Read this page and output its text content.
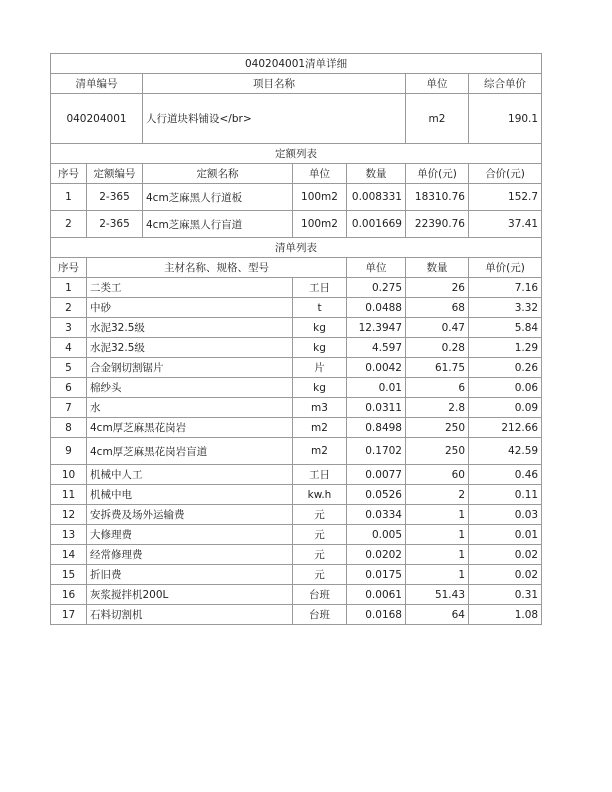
040204001清单详细							
清单编号		项目名称			单位	综合单价	
040204001		人行道块料铺设</br>			m2	190.1	
定额列表							
序号	定额编号	定额名称	单位	数量	单价(元)	合价(元)	
1	2-365	4cm芝麻黑人行道板	100m2	0.008331	18310.76	152.7	
2	2-365	4cm芝麻黑人行盲道	100m2	0.001669	22390.76	37.41	
清单列表							
序号	主材名称、规格、型号			单位	数量	单价(元)	
1	二类工		工日	0.275	26	7.16	
2	中砂		t	0.0488	68	3.32	
3	水泥32.5级		kg	12.3947	0.47	5.84	
4	水泥32.5级		kg	4.597	0.28	1.29	
5	合金钢切割锯片		片	0.0042	61.75	0.26	
6	棉纱头		kg	0.01	6	0.06	
7	水		m3	0.0311	2.8	0.09	
8	4cm厚芝麻黑花岗岩		m2	0.8498	250	212.66	
9	4cm厚芝麻黑花岗岩盲道		m2	0.1702	250	42.59	
10	机械中人工		工日	0.0077	60	0.46	
11	机械中电		kw.h	0.0526	2	0.11	
12	安拆费及场外运输费		元	0.0334	1	0.03	
13	大修理费		元	0.005	1	0.01	
14	经常修理费		元	0.0202	1	0.02	
15	折旧费		元	0.0175	1	0.02	
16	灰浆搅拌机200L		台班	0.0061	51.43	0.31	
17	石料切割机		台班	0.0168	64	1.08	
